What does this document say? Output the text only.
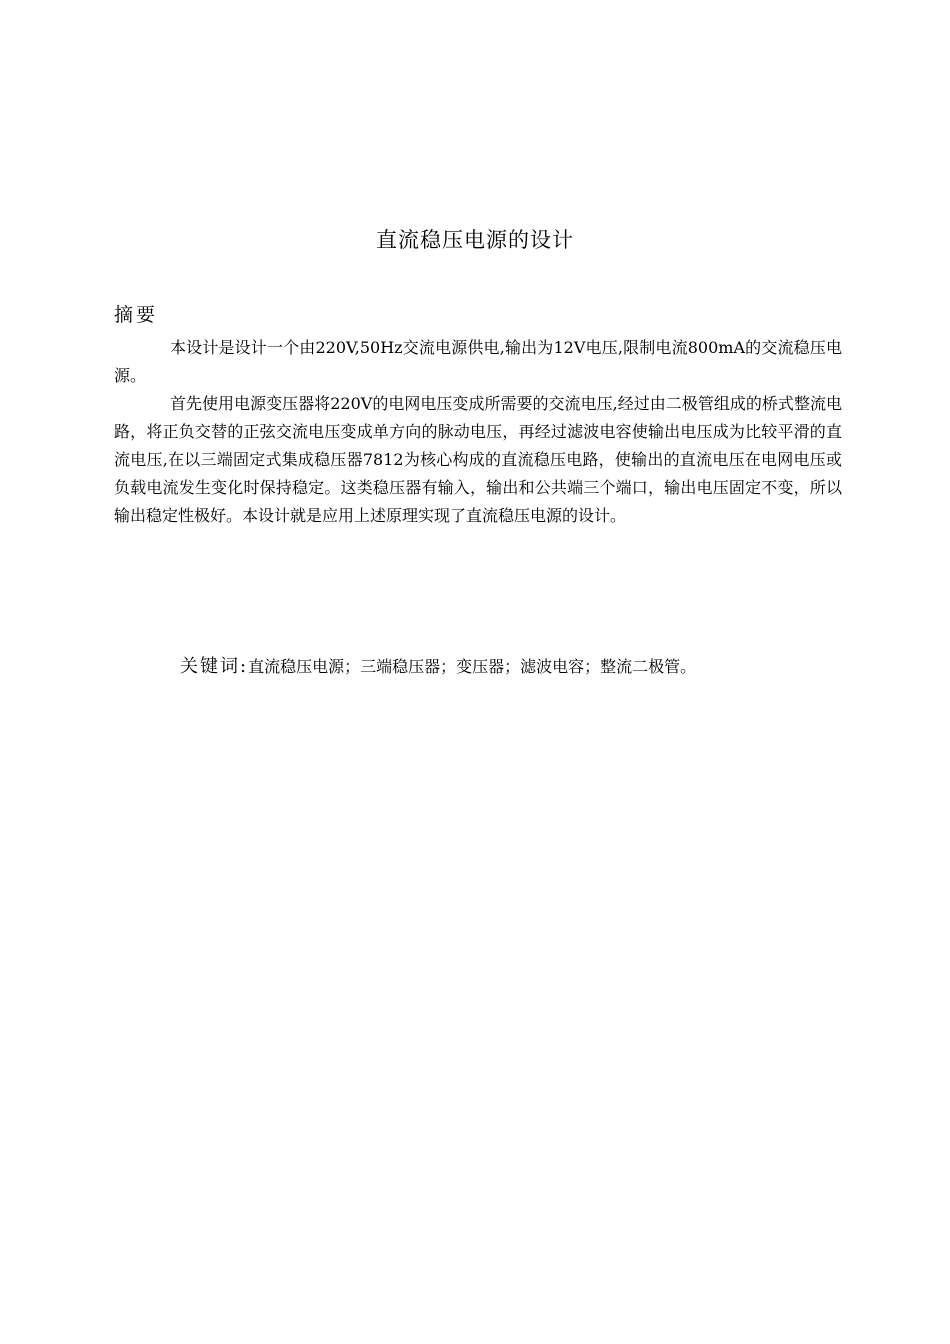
直流稳压电源的设计
摘要

本设计是设计一个由220V,50Hz交流电源供电,输出为12V电压,限制电流800mA的交流稳压电源。

首先使用电源变压器将220V的电网电压变成所需要的交流电压,经过由二极管组成的桥式整流电路，将正负交替的正弦交流电压变成单方向的脉动电压，再经过滤波电容使输出电压成为比较平滑的直流电压,在以三端固定式集成稳压器7812为核心构成的直流稳压电路，使输出的直流电压在电网电压或负载电流发生变化时保持稳定。这类稳压器有输入，输出和公共端三个端口，输出电压固定不变，所以输出稳定性极好。本设计就是应用上述原理实现了直流稳压电源的设计。

关键词:直流稳压电源；三端稳压器；变压器；滤波电容；整流二极管。
